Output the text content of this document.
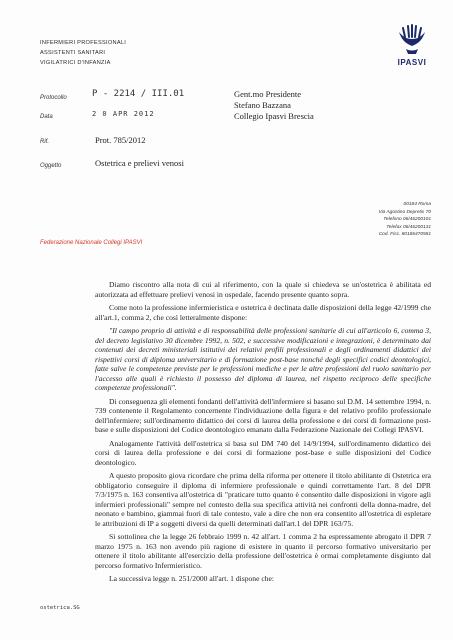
INFERMIERI PROFESSIONALI
ASSISTENTI SANITARI
VIGILATRICI D'INFANZIA	IPASVI
Protocollo	P - 2214 / III.01
Data	2 0 APR 2012
Rif.	Prot. 785/2012
Oggetto	Ostetrica e prelievi venosi
Gent.mo Presidente
Stefano Bazzana
Collegio Ipasvi Brescia
00184 Roma
Via Agostino Depretis 70
Telefono 06/46200101
Telefax 06/46200131
Cod. Fisc. 80186470581
Federazione Nazionale Collegi IPASVI

Diamo riscontro alla nota di cui al riferimento, con la quale si chiedeva se un'ostetrica è abilitata ed autorizzata ad effettuare prelievi venosi in ospedale, facendo presente quanto sopra.

Come noto la professione infermieristica e ostetrica è declinata dalle disposizioni della legge 42/1999 che all'art.1, comma 2, che così letteralmente dispone:

"Il campo proprio di attività e di responsabilità delle professioni sanitarie di cui all'articolo 6, comma 3, del decreto legislativo 30 dicembre 1992, n. 502, e successive modificazioni e integrazioni, è determinato dai contenuti dei decreti ministeriali istitutivi dei relativi profili professionali e degli ordinamenti didattici dei rispettivi corsi di diploma universitario e di formazione post-base nonché degli specifici codici deontologici, fatte salve le competenze previste per le professioni mediche e per le altre professioni del ruolo sanitario per l'accesso alle quali è richiesto il possesso del diploma di laurea, nel rispetto reciproco delle specifiche competenze professionali".

Di conseguenza gli elementi fondanti dell'attività dell'infermiere si basano sul D.M. 14 settembre 1994, n. 739 contenente il Regolamento concernente l'individuazione della figura e del relativo profilo professionale dell'infermiere; sull'ordinamento didattico dei corsi di laurea della professione e dei corsi di formazione post-base e sulle disposizioni del Codice deontologico emanato dalla Federazione Nazionale dei Collegi IPASVI.

Analogamente l'attività dell'ostetrica si basa sul DM 740 del 14/9/1994, sull'ordinamento didattico dei corsi di laurea della professione e dei corsi di formazione post-base e sulle disposizioni del Codice deontologico.

A questo proposito giova ricordare che prima della riforma per ottenere il titolo abilitante di Ostetrica era obbligatorio conseguire il diploma di infermiere professionale e quindi correttamente l'art. 8 del DPR 7/3/1975 n. 163 consentiva all'ostetrica di "praticare tutto quanto è consentito dalle disposizioni in vigore agli infermieri professionali" sempre nel contesto della sua specifica attività nei confronti della donna-madre, del neonato e bambino, giammai fuori di tale contesto, vale a dire che non era consentito all'ostetrica di espletare le attribuzioni di IP a soggetti diversi da quelli determinati dall'art.1 del DPR 163/75.

Si sottolinea che la legge 26 febbraio 1999 n. 42 all'art. 1 comma 2 ha espressamente abrogato il DPR 7 marzo 1975 n. 163 non avendo più ragione di esistere in quanto il percorso formativo universitario per ottenere il titolo abilitante all'esercizio della professione dell'ostetrica è ormai completamente disgiunto dal percorso formativo Infermieristico.

La successiva legge n. 251/2000 all'art. 1 dispone che:

ostetrica.SG
